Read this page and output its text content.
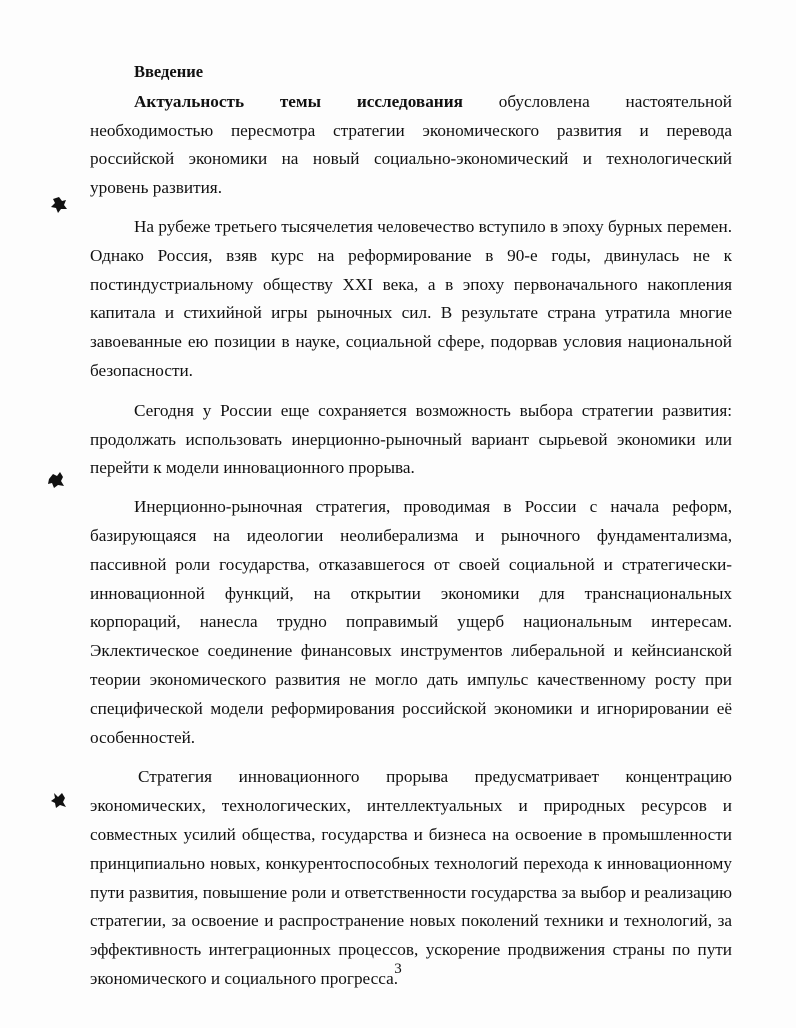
Введение

Актуальность темы исследования обусловлена настоятельной необходимостью пересмотра стратегии экономического развития и перевода российской экономики на новый социально-экономический и технологический уровень развития.

На рубеже третьего тысячелетия человечество вступило в эпоху бурных перемен. Однако Россия, взяв курс на реформирование в 90-е годы, двинулась не к постиндустриальному обществу XXI века, а в эпоху первоначального накопления капитала и стихийной игры рыночных сил. В результате страна утратила многие завоеванные ею позиции в науке, социальной сфере, подорвав условия национальной безопасности.

Сегодня у России еще сохраняется возможность выбора стратегии развития: продолжать использовать инерционно-рыночный вариант сырьевой экономики или перейти к модели инновационного прорыва.

Инерционно-рыночная стратегия, проводимая в России с начала реформ, базирующаяся на идеологии неолиберализма и рыночного фундаментализма, пассивной роли государства, отказавшегося от своей социальной и стратегически-инновационной функций, на открытии экономики для транснациональных корпораций, нанесла трудно поправимый ущерб национальным интересам. Эклектическое соединение финансовых инструментов либеральной и кейнсианской теории экономического развития не могло дать импульс качественному росту при специфической модели реформирования российской экономики и игнорировании её особенностей.

Стратегия инновационного прорыва предусматривает концентрацию экономических, технологических, интеллектуальных и природных ресурсов и совместных усилий общества, государства и бизнеса на освоение в промышленности принципиально новых, конкурентоспособных технологий перехода к инновационному пути развития, повышение роли и ответственности государства за выбор и реализацию стратегии, за освоение и распространение новых поколений техники и технологий, за эффективность интеграционных процессов, ускорение продвижения страны по пути экономического и социального прогресса.

3
